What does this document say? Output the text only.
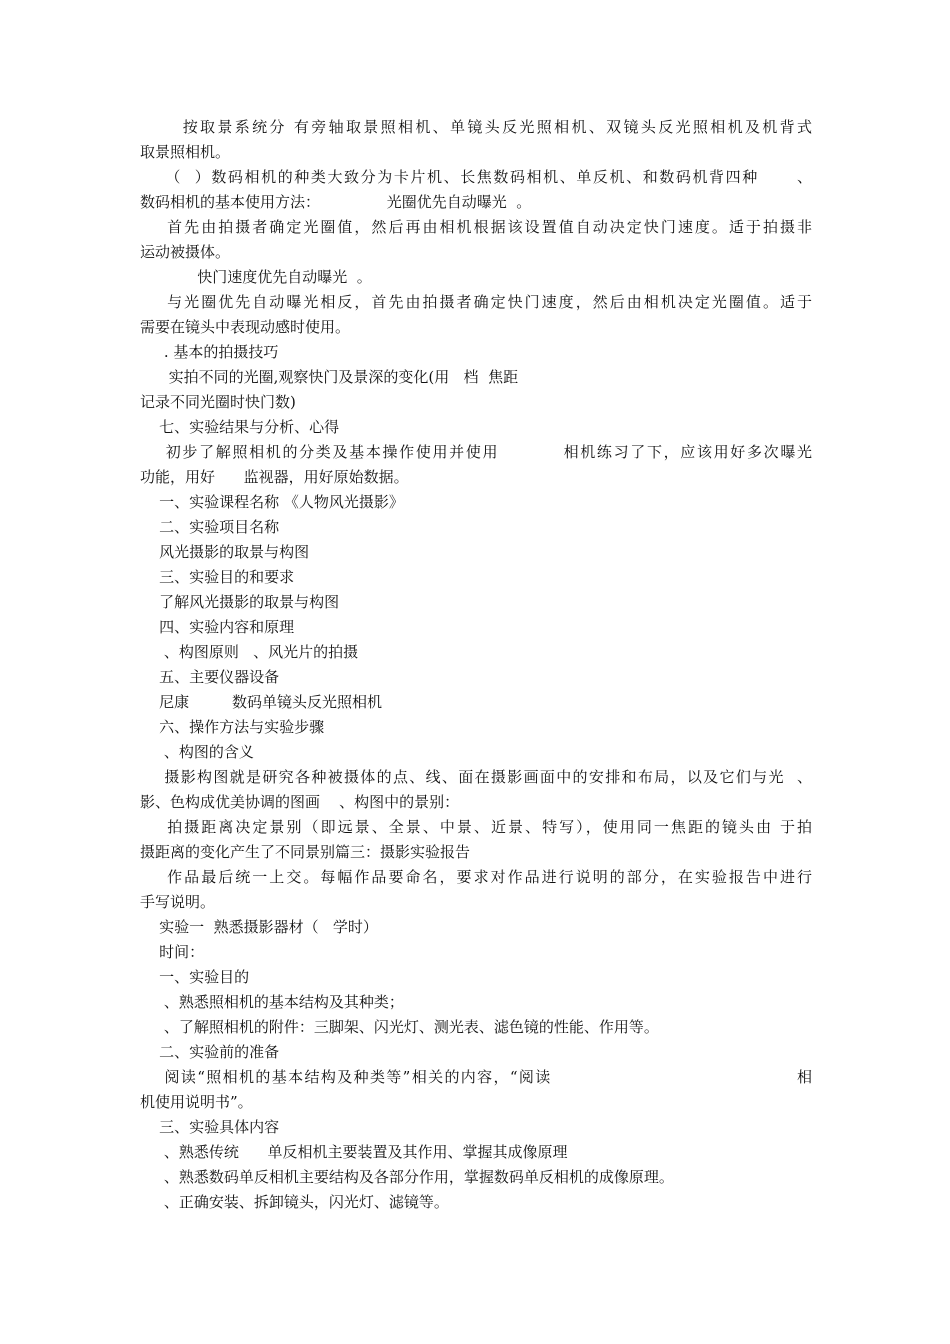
按取景系统分 有旁轴取景照相机、单镜头反光照相机、双镜头反光照相机及机背式
取景照相机。
（  ）数码相机的种类大致分为卡片机、长焦数码相机、单反机、和数码机背四种      、
数码相机的基本使用方法：              光圈优先自动曝光  。
首先由拍摄者确定光圈值，然后再由相机根据该设置值自动决定快门速度。适于拍摄非
运动被摄体。
快门速度优先自动曝光  。
与光圈优先自动曝光相反，首先由拍摄者确定快门速度，然后由相机决定光圈值。适于
需要在镜头中表现动感时使用。
. 基本的拍摄技巧
实拍不同的光圈,观察快门及景深的变化(用   档  焦距
记录不同光圈时快门数)
七、实验结果与分析、心得
初步了解照相机的分类及基本操作使用并使用          相机练习了下，应该用好多次曝光
功能，用好      监视器，用好原始数据。
一、实验课程名称 《人物风光摄影》
二、实验项目名称
风光摄影的取景与构图
三、实验目的和要求
了解风光摄影的取景与构图
四、实验内容和原理
、构图原则   、风光片的拍摄
五、主要仪器设备
尼康         数码单镜头反光照相机
六、操作方法与实验步骤
、构图的含义
摄影构图就是研究各种被摄体的点、线、面在摄影画面中的安排和布局，以及它们与光  、
影、色构成优美协调的图画    、构图中的景别：
拍摄距离决定景别（即远景、全景、中景、近景、特写），使用同一焦距的镜头由 于拍
摄距离的变化产生了不同景别篇三：摄影实验报告
作品最后统一上交。每幅作品要命名，要求对作品进行说明的部分，在实验报告中进行
手写说明。
实验一  熟悉摄影器材（   学时）
时间：
一、实验目的
、熟悉照相机的基本结构及其种类；
、了解照相机的附件：三脚架、闪光灯、测光表、滤色镜的性能、作用等。
二、实验前的准备
阅读“照相机的基本结构及种类等”相关的内容，“阅读                                        相
机使用说明书”。
三、实验具体内容
、熟悉传统      单反相机主要装置及其作用、掌握其成像原理
、熟悉数码单反相机主要结构及各部分作用，掌握数码单反相机的成像原理。
、正确安装、拆卸镜头，闪光灯、滤镜等。
